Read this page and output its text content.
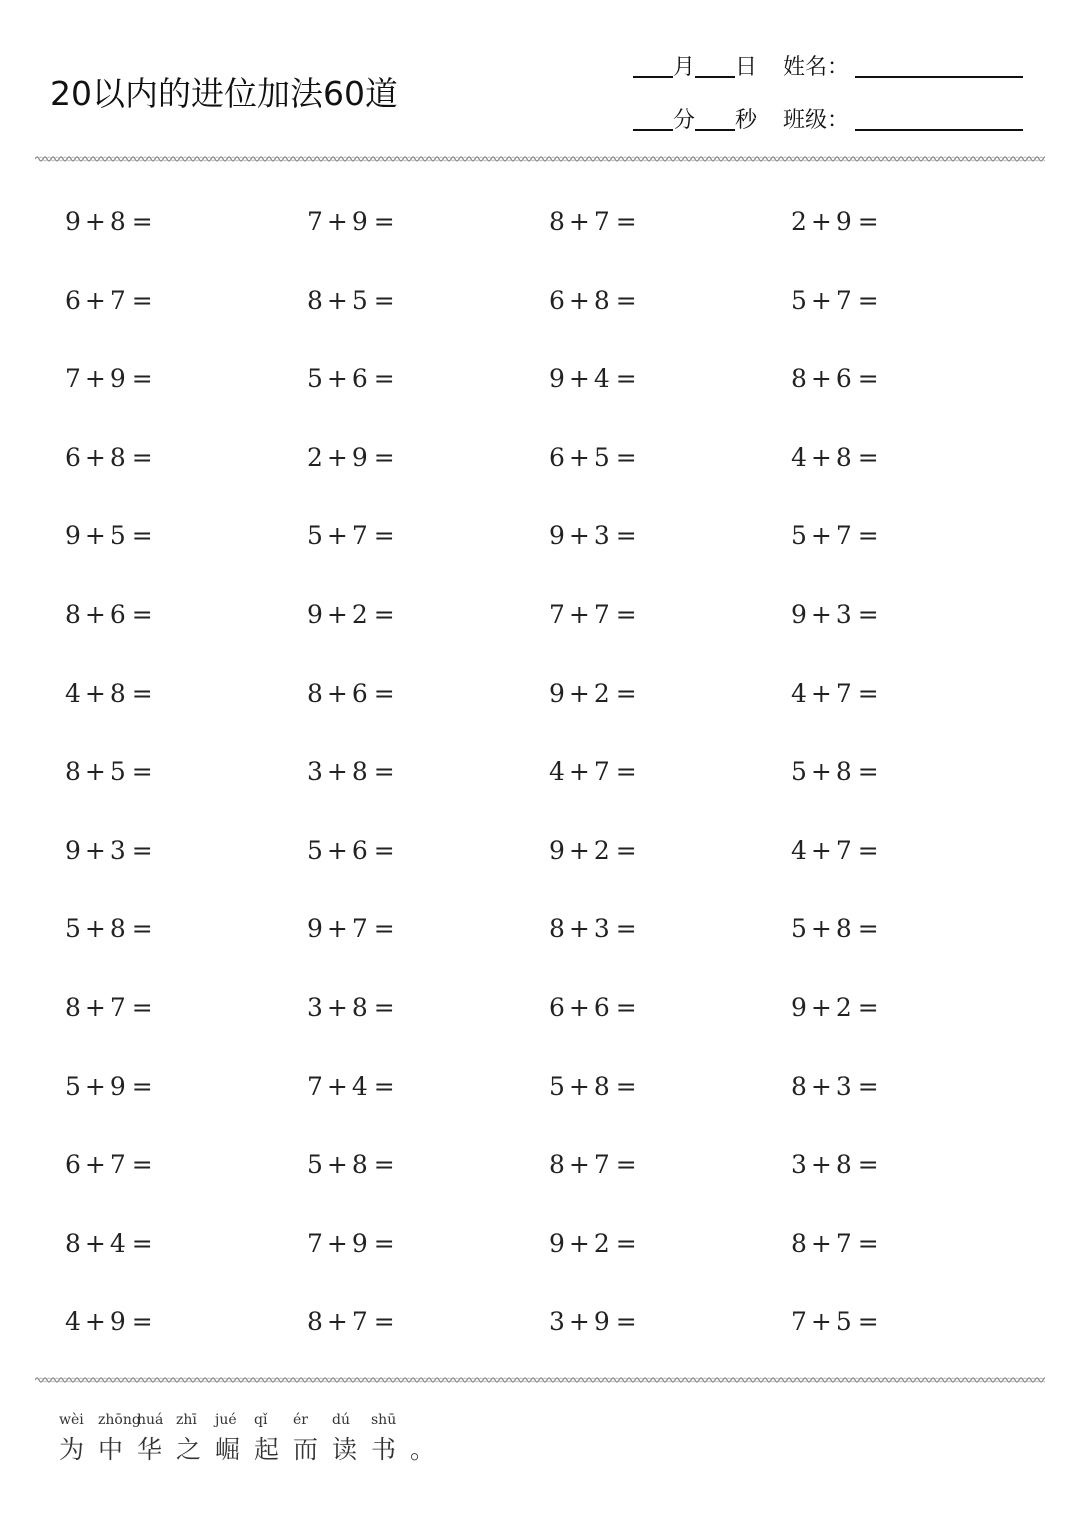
20以内的进位加法60道
月 日 姓名：
分 秒 班级：
9 + 8 =	7 + 9 =	8 + 7 =	2 + 9 =
6 + 7 =	8 + 5 =	6 + 8 =	5 + 7 =
7 + 9 =	5 + 6 =	9 + 4 =	8 + 6 =
6 + 8 =	2 + 9 =	6 + 5 =	4 + 8 =
9 + 5 =	5 + 7 =	9 + 3 =	5 + 7 =
8 + 6 =	9 + 2 =	7 + 7 =	9 + 3 =
4 + 8 =	8 + 6 =	9 + 2 =	4 + 7 =
8 + 5 =	3 + 8 =	4 + 7 =	5 + 8 =
9 + 3 =	5 + 6 =	9 + 2 =	4 + 7 =
5 + 8 =	9 + 7 =	8 + 3 =	5 + 8 =
8 + 7 =	3 + 8 =	6 + 6 =	9 + 2 =
5 + 9 =	7 + 4 =	5 + 8 =	8 + 3 =
6 + 7 =	5 + 8 =	8 + 7 =	3 + 8 =
8 + 4 =	7 + 9 =	9 + 2 =	8 + 7 =
4 + 9 =	8 + 7 =	3 + 9 =	7 + 5 =
wèi zhōng
huá zhī jué qǐ ér dú shū
为 中 华 之 崛 起 而 读 书 。
